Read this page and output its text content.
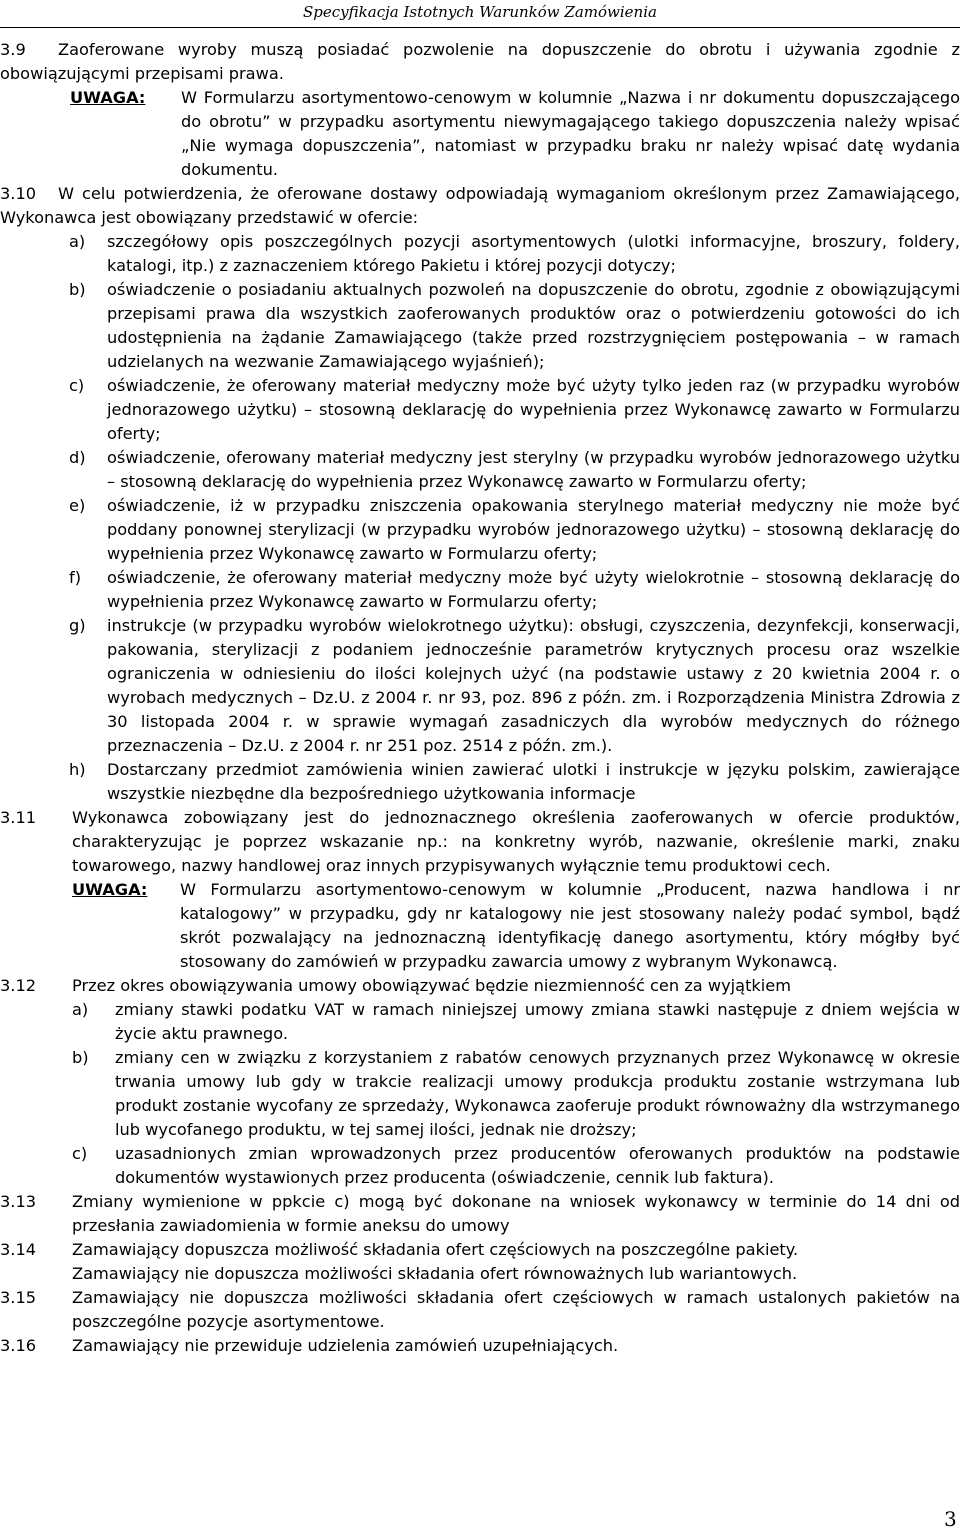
Specyfikacja Istotnych Warunków Zamówienia
3.9	Zaoferowane wyroby muszą posiadać pozwolenie na dopuszczenie do obrotu i używania zgodnie z obowiązującymi przepisami prawa.

UWAGA: W Formularzu asortymentowo-cenowym w kolumnie „Nazwa i nr dokumentu dopuszczającego do obrotu” w przypadku asortymentu niewymagającego takiego dopuszczenia należy wpisać „Nie wymaga dopuszczenia”, natomiast w przypadku braku nr należy wpisać datę wydania dokumentu.
3.10	W celu potwierdzenia, że oferowane dostawy odpowiadają wymaganiom określonym przez Zamawiającego, Wykonawca jest obowiązany przedstawić w ofercie:

a) szczegółowy opis poszczególnych pozycji asortymentowych (ulotki informacyjne, broszury, foldery, katalogi, itp.) z zaznaczeniem którego Pakietu i której pozycji dotyczy;
b) oświadczenie o posiadaniu aktualnych pozwoleń na dopuszczenie do obrotu, zgodnie z obowiązującymi przepisami prawa dla wszystkich zaoferowanych produktów oraz o potwierdzeniu gotowości do ich udostępnienia na żądanie Zamawiającego (także przed rozstrzygnięciem postępowania – w ramach udzielanych na wezwanie Zamawiającego wyjaśnień);
c) oświadczenie, że oferowany materiał medyczny może być użyty tylko jeden raz (w przypadku wyrobów jednorazowego użytku) – stosowną deklarację do wypełnienia przez Wykonawcę zawarto w Formularzu oferty;
d) oświadczenie, oferowany materiał medyczny jest sterylny (w przypadku wyrobów jednorazowego użytku – stosowną deklarację do wypełnienia przez Wykonawcę zawarto w Formularzu oferty;
e) oświadczenie, iż w przypadku zniszczenia opakowania sterylnego materiał medyczny nie może być poddany ponownej sterylizacji (w przypadku wyrobów jednorazowego użytku) – stosowną deklarację do wypełnienia przez Wykonawcę zawarto w Formularzu oferty;
f) oświadczenie, że oferowany materiał medyczny może być użyty wielokrotnie – stosowną deklarację do wypełnienia przez Wykonawcę zawarto w Formularzu oferty;
g) instrukcje (w przypadku wyrobów wielokrotnego użytku): obsługi, czyszczenia, dezynfekcji, konserwacji, pakowania, sterylizacji z podaniem jednocześnie parametrów krytycznych procesu oraz wszelkie ograniczenia w odniesieniu do ilości kolejnych użyć (na podstawie ustawy z 20 kwietnia 2004 r. o wyrobach medycznych – Dz.U. z 2004 r. nr 93, poz. 896 z późn. zm. i Rozporządzenia Ministra Zdrowia z 30 listopada 2004 r. w sprawie wymagań zasadniczych dla wyrobów medycznych do różnego przeznaczenia – Dz.U. z 2004 r. nr 251 poz. 2514 z późn. zm.).
h) Dostarczany przedmiot zamówienia winien zawierać ulotki i instrukcje w języku polskim, zawierające wszystkie niezbędne dla bezpośredniego użytkowania informacje
3.11	Wykonawca zobowiązany jest do jednoznacznego określenia zaoferowanych w ofercie produktów, charakteryzując je poprzez wskazanie np.: na konkretny wyrób, nazwanie, określenie marki, znaku towarowego, nazwy handlowej oraz innych przypisywanych wyłącznie temu produktowi cech.
UWAGA: W Formularzu asortymentowo-cenowym w kolumnie „Producent, nazwa handlowa i nr katalogowy” w przypadku, gdy nr katalogowy nie jest stosowany należy podać symbol, bądź skrót pozwalający na jednoznaczną identyfikację danego asortymentu, który mógłby być stosowany do zamówień w przypadku zawarcia umowy z wybranym Wykonawcą.
3.12	Przez okres obowiązywania umowy obowiązywać będzie niezmienność cen za wyjątkiem
a) zmiany stawki podatku VAT w ramach niniejszej umowy zmiana stawki następuje z dniem wejścia w życie aktu prawnego.
b) zmiany cen w związku z korzystaniem z rabatów cenowych przyznanych przez Wykonawcę w okresie trwania umowy lub gdy w trakcie realizacji umowy produkcja produktu zostanie wstrzymana lub produkt zostanie wycofany ze sprzedaży, Wykonawca zaoferuje produkt równoważny dla wstrzymanego lub wycofanego produktu, w tej samej ilości, jednak nie droższy;
c) uzasadnionych zmian wprowadzonych przez producentów oferowanych produktów na podstawie dokumentów wystawionych przez producenta (oświadczenie, cennik lub faktura).
3.13	Zmiany wymienione w ppkcie c) mogą być dokonane na wniosek wykonawcy w terminie do 14 dni od przesłania zawiadomienia w formie aneksu do umowy
3.14	Zamawiający dopuszcza możliwość składania ofert częściowych na poszczególne pakiety.
Zamawiający nie dopuszcza możliwości składania ofert równoważnych lub wariantowych.
3.15	Zamawiający nie dopuszcza możliwości składania ofert częściowych w ramach ustalonych pakietów na poszczególne pozycje asortymentowe.
3.16	Zamawiający nie przewiduje udzielenia zamówień uzupełniających.
3
